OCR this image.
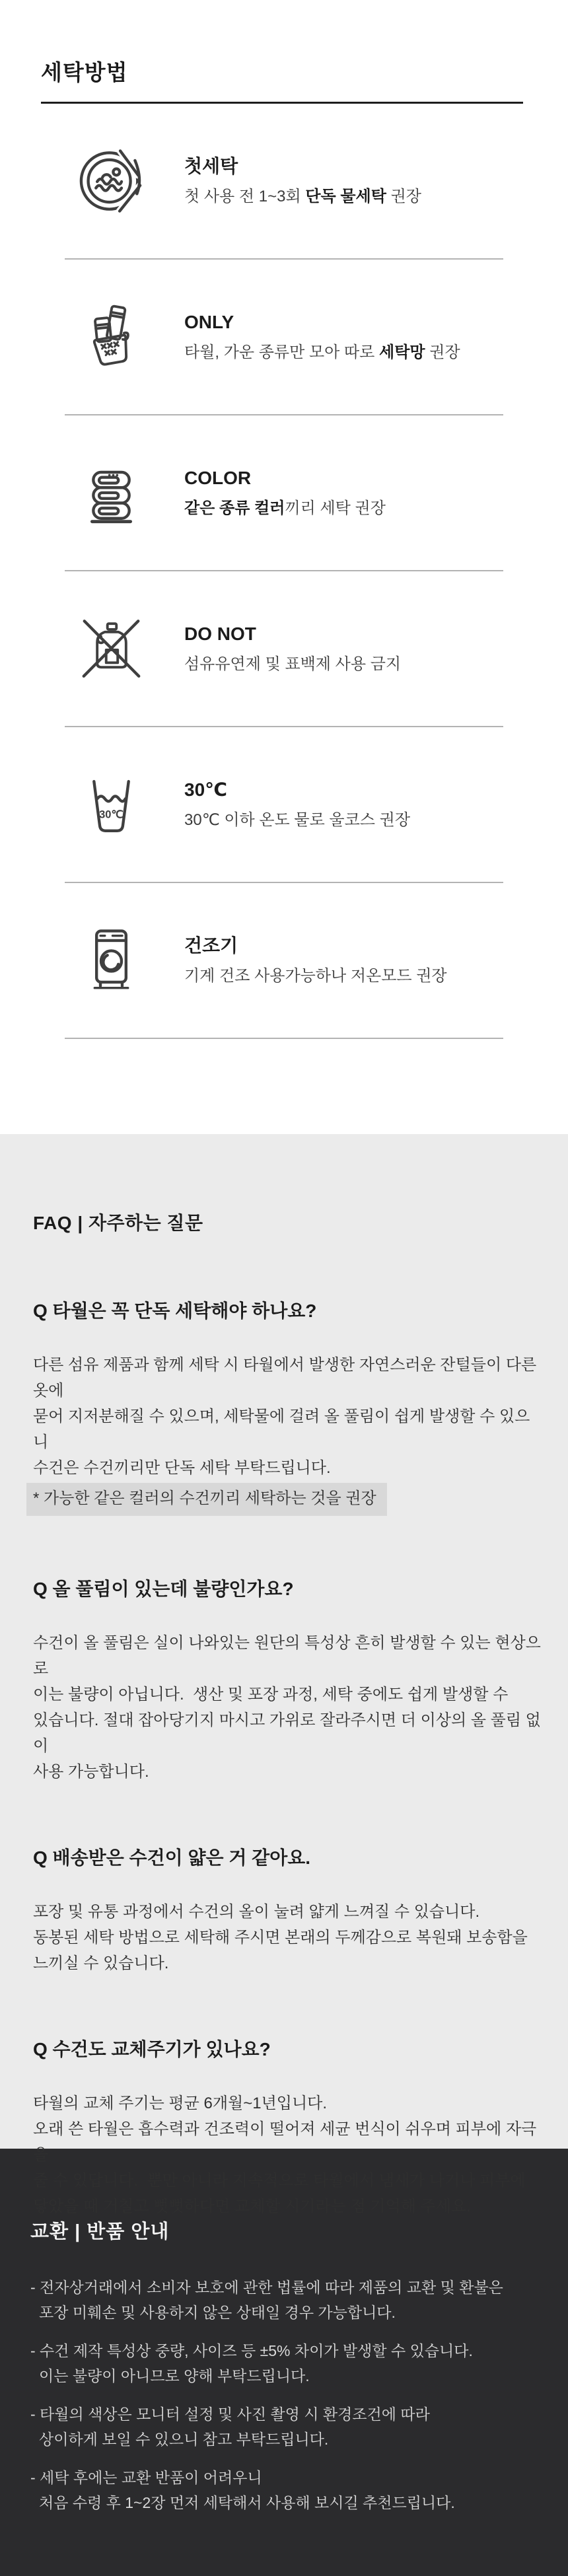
세탁방법
첫세탁
첫 사용 전 1~3회 단독 물세탁 권장
ONLY
타월, 가운 종류만 모아 따로 세탁망 권장
COLOR
같은 종류 컬러끼리 세탁 권장
DO NOT
섬유유연제 및 표백제 사용 금지
30℃
30℃
30℃ 이하 온도 물로 울코스 권장
건조기
기계 건조 사용가능하나 저온모드 권장
FAQ | 자주하는 질문
Q 타월은 꼭 단독 세탁해야 하나요?
다른 섬유 제품과 함께 세탁 시 타월에서 발생한 자연스러운 잔털들이 다른 옷에
묻어 지저분해질 수 있으며, 세탁물에 걸려 올 풀림이 쉽게 발생할 수 있으니
수건은 수건끼리만 단독 세탁 부탁드립니다.
* 가능한 같은 컬러의 수건끼리 세탁하는 것을 권장
Q 올 풀림이 있는데 불량인가요?
수건이 올 풀림은 실이 나와있는 원단의 특성상 흔히 발생할 수 있는 현상으로
이는 불량이 아닙니다.  생산 및 포장 과정, 세탁 중에도 쉽게 발생할 수
있습니다. 절대 잡아당기지 마시고 가위로 잘라주시면 더 이상의 올 풀림 없이
사용 가능합니다.
Q 배송받은 수건이 얇은 거 같아요.
포장 및 유통 과정에서 수건의 올이 눌려 얇게 느껴질 수 있습니다.
동봉된 세탁 방법으로 세탁해 주시면 본래의 두께감으로 복원돼 보송함을
느끼실 수 있습니다.
Q 수건도 교체주기가 있나요?
타월의 교체 주기는 평균 6개월~1년입니다.
오래 쓴 타월은 흡수력과 건조력이 떨어져 세균 번식이 쉬우며 피부에 자극을
줄 수 있답니다.  뿐만 아니라 지속적으로 타월에서 냄새가 나거나 피부에
닿았을 때 거칠고 뻣뻣하다면 교체할 시기라는 점 기억해 주세요.
교환 | 반품 안내

- 전자상거래에서 소비자 보호에 관한 법률에 따라 제품의 교환 및 환불은
포장 미훼손 및 사용하지 않은 상태일 경우 가능합니다.

- 수건 제작 특성상 중량, 사이즈 등 ±5% 차이가 발생할 수 있습니다.
이는 불량이 아니므로 양해 부탁드립니다.

- 타월의 색상은 모니터 설정 및 사진 촬영 시 환경조건에 따라
상이하게 보일 수 있으니 참고 부탁드립니다.

- 세탁 후에는 교환 반품이 어려우니
처음 수령 후 1~2장 먼저 세탁해서 사용해 보시길 추천드립니다.
